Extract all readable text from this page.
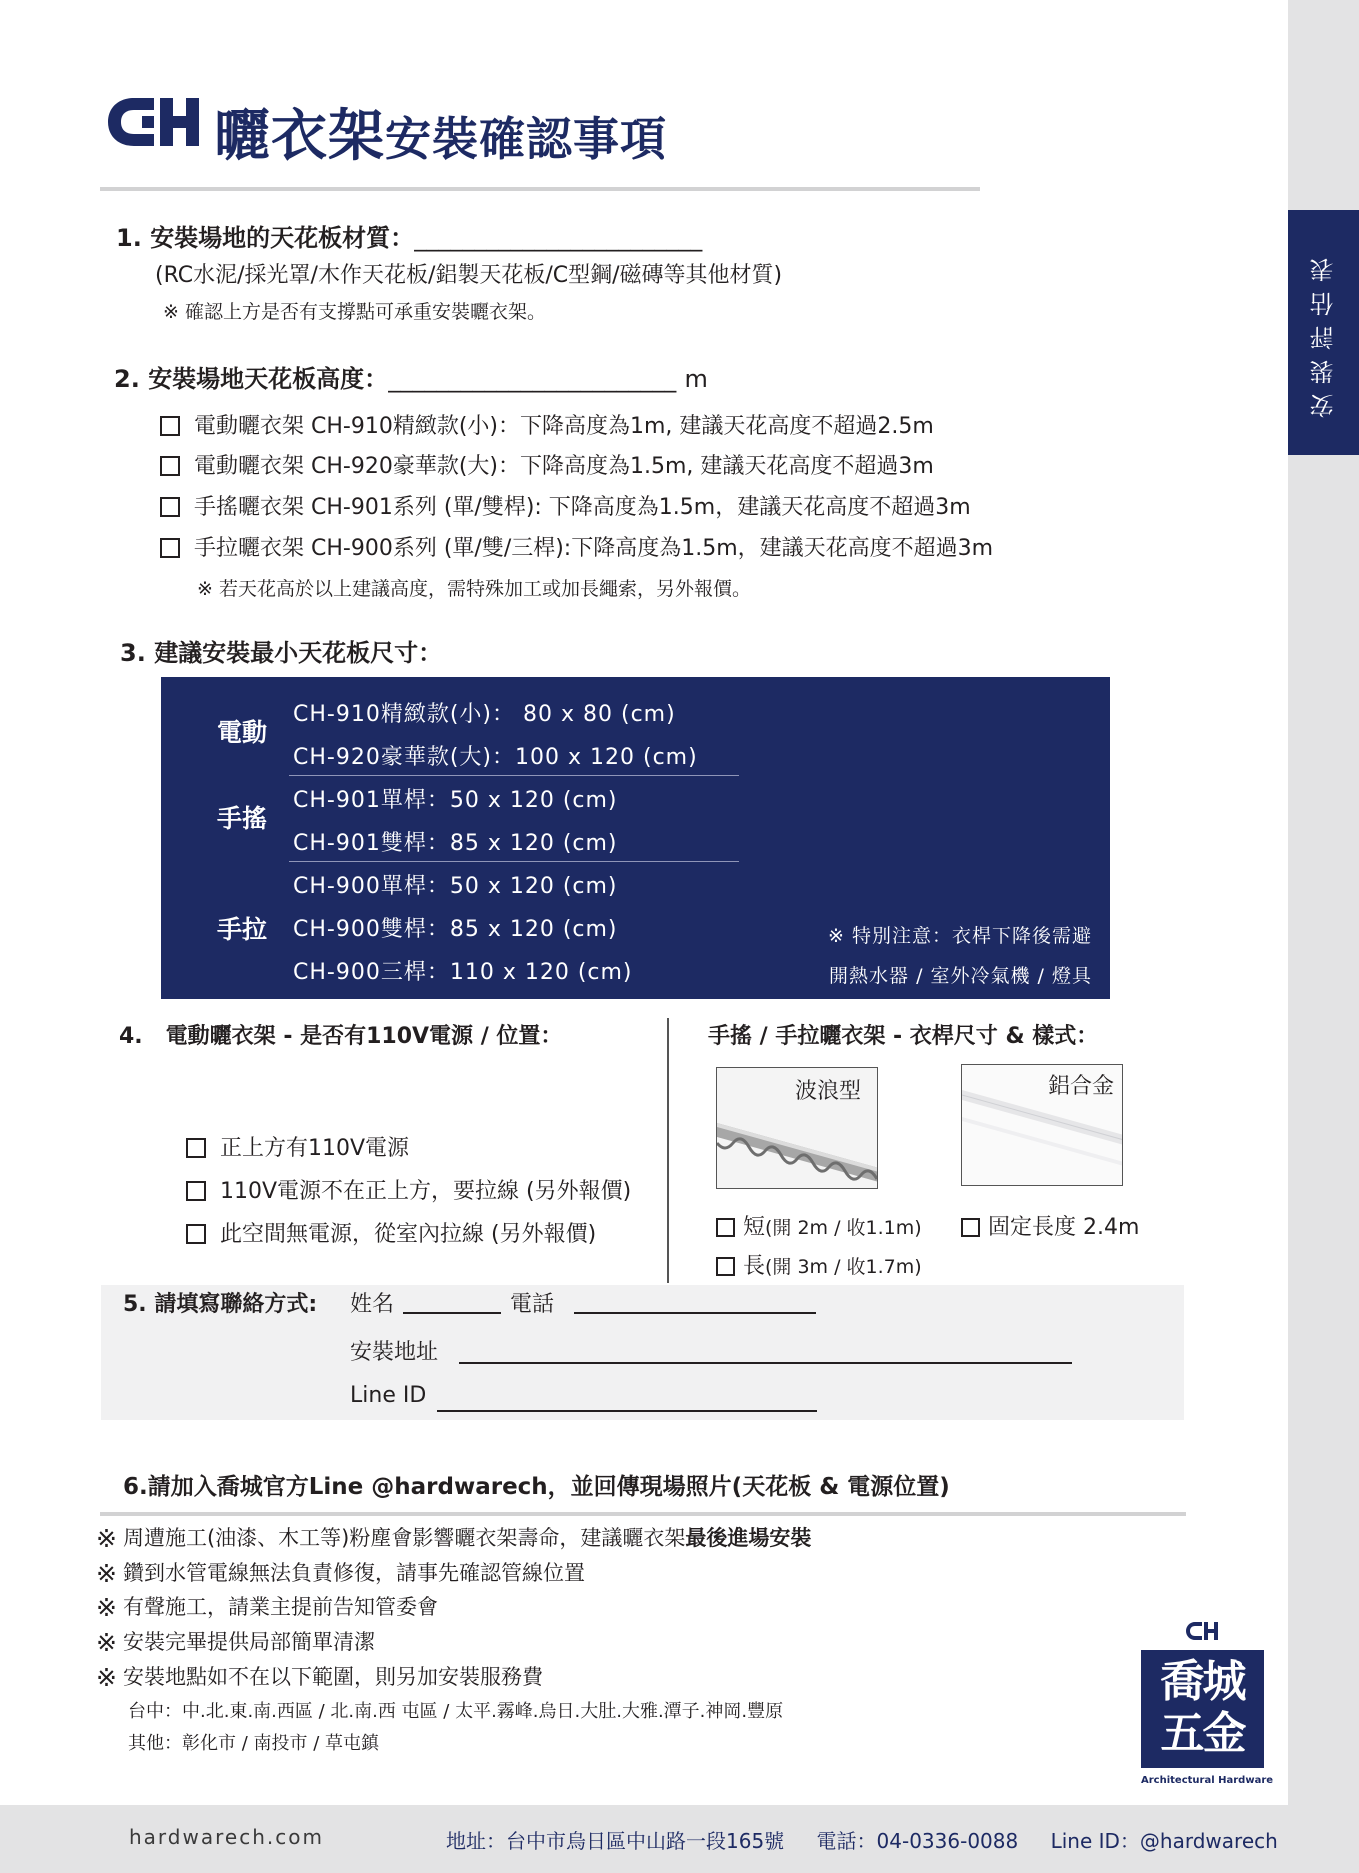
安裝評估表
曬衣架安裝確認事項
1. 安裝場地的天花板材質：________________________
(RC水泥/採光罩/木作天花板/鋁製天花板/C型鋼/磁磚等其他材質)
※ 確認上方是否有支撐點可承重安裝曬衣架。
2. 安裝場地天花板高度：________________________ m
電動曬衣架 CH-910精緻款(小)：下降高度為1m, 建議天花高度不超過2.5m
電動曬衣架 CH-920豪華款(大)：下降高度為1.5m, 建議天花高度不超過3m
手搖曬衣架 CH-901系列 (單/雙桿): 下降高度為1.5m，建議天花高度不超過3m
手拉曬衣架 CH-900系列 (單/雙/三桿):下降高度為1.5m，建議天花高度不超過3m
※ 若天花高於以上建議高度，需特殊加工或加長繩索，另外報價。
3. 建議安裝最小天花板尺寸：
電動
CH-910精緻款(小)： 80 x 80 (cm)
CH-920豪華款(大)：100 x 120 (cm)
手搖
CH-901單桿：50 x 120 (cm)
CH-901雙桿：85 x 120 (cm)
手拉
CH-900單桿：50 x 120 (cm)
CH-900雙桿：85 x 120 (cm)
CH-900三桿：110 x 120 (cm)
※ 特別注意：衣桿下降後需避
開熱水器 / 室外冷氣機 / 燈具
4. 電動曬衣架 - 是否有110V電源 / 位置：
正上方有110V電源
110V電源不在正上方，要拉線 (另外報價)
此空間無電源，從室內拉線 (另外報價)
手搖 / 手拉曬衣架 - 衣桿尺寸 & 樣式：
波浪型	鋁合金
短(開 2m / 收1.1m)
長(開 3m / 收1.7m)
固定長度 2.4m
5. 請填寫聯絡方式: 姓名	電話
安裝地址
Line ID
6.請加入喬城官方Line @hardwarech，並回傳現場照片(天花板 & 電源位置)
※ 周遭施工(油漆、木工等)粉塵會影響曬衣架壽命，建議曬衣架最後進場安裝
※ 鑽到水管電線無法負責修復，請事先確認管線位置
※ 有聲施工，請業主提前告知管委會
※ 安裝完畢提供局部簡單清潔
※ 安裝地點如不在以下範圍，則另加安裝服務費
台中：中.北.東.南.西區 / 北.南.西 屯區 / 太平.霧峰.烏日.大肚.大雅.潭子.神岡.豐原
其他：彰化市 / 南投市 / 草屯鎮
喬城
五金
Architectural Hardware
hardwarech.com	地址：台中市烏日區中山路一段165號 電話：04-0336-0088 Line ID：@hardwarech
